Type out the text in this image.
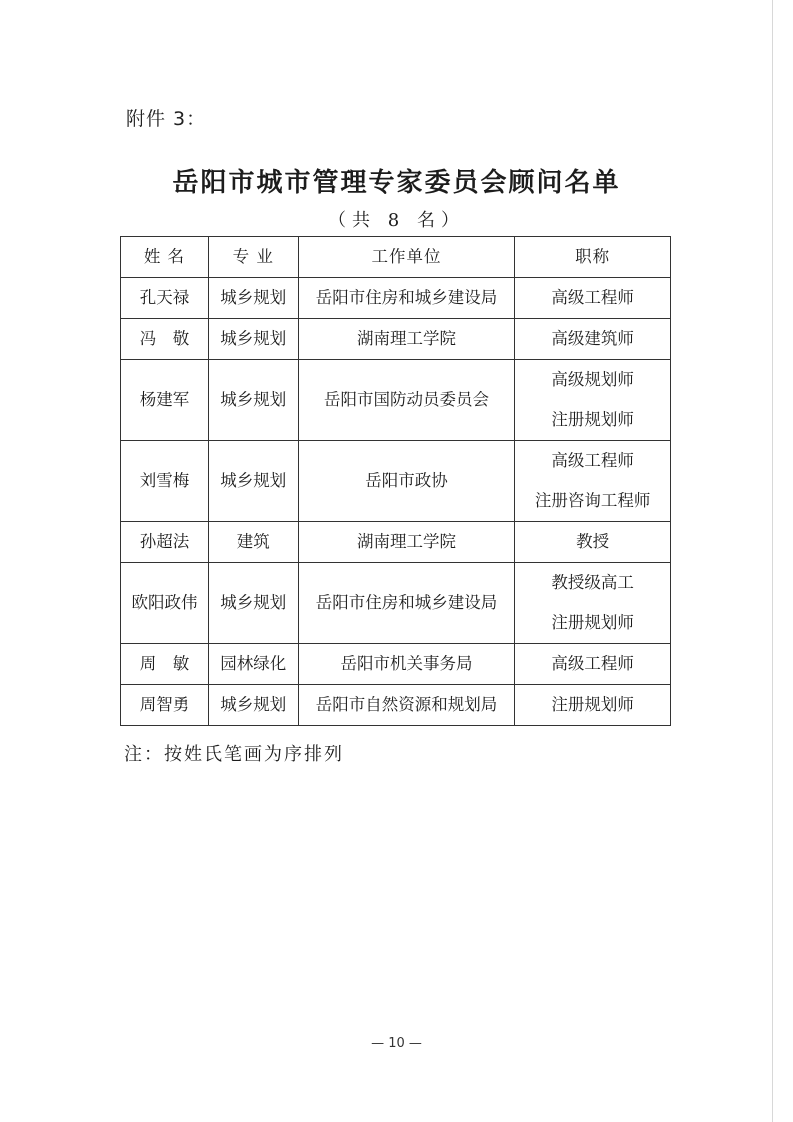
附件 3：
岳阳市城市管理专家委员会顾问名单
（共 8 名）
姓 名	专 业	工作单位	职称
孔天禄	城乡规划	岳阳市住房和城乡建设局	高级工程师

冯　敬	城乡规划	湖南理工学院	高级建筑师

杨建军	城乡规划	岳阳市国防动员委员会	高级规划师
注册规划师

刘雪梅	城乡规划	岳阳市政协	高级工程师
注册咨询工程师

孙超法	建筑	湖南理工学院	教授

欧阳政伟	城乡规划	岳阳市住房和城乡建设局	教授级高工
注册规划师

周　敏	园林绿化	岳阳市机关事务局	高级工程师

周智勇	城乡规划	岳阳市自然资源和规划局	注册规划师
注：按姓氏笔画为序排列
— 10 —
